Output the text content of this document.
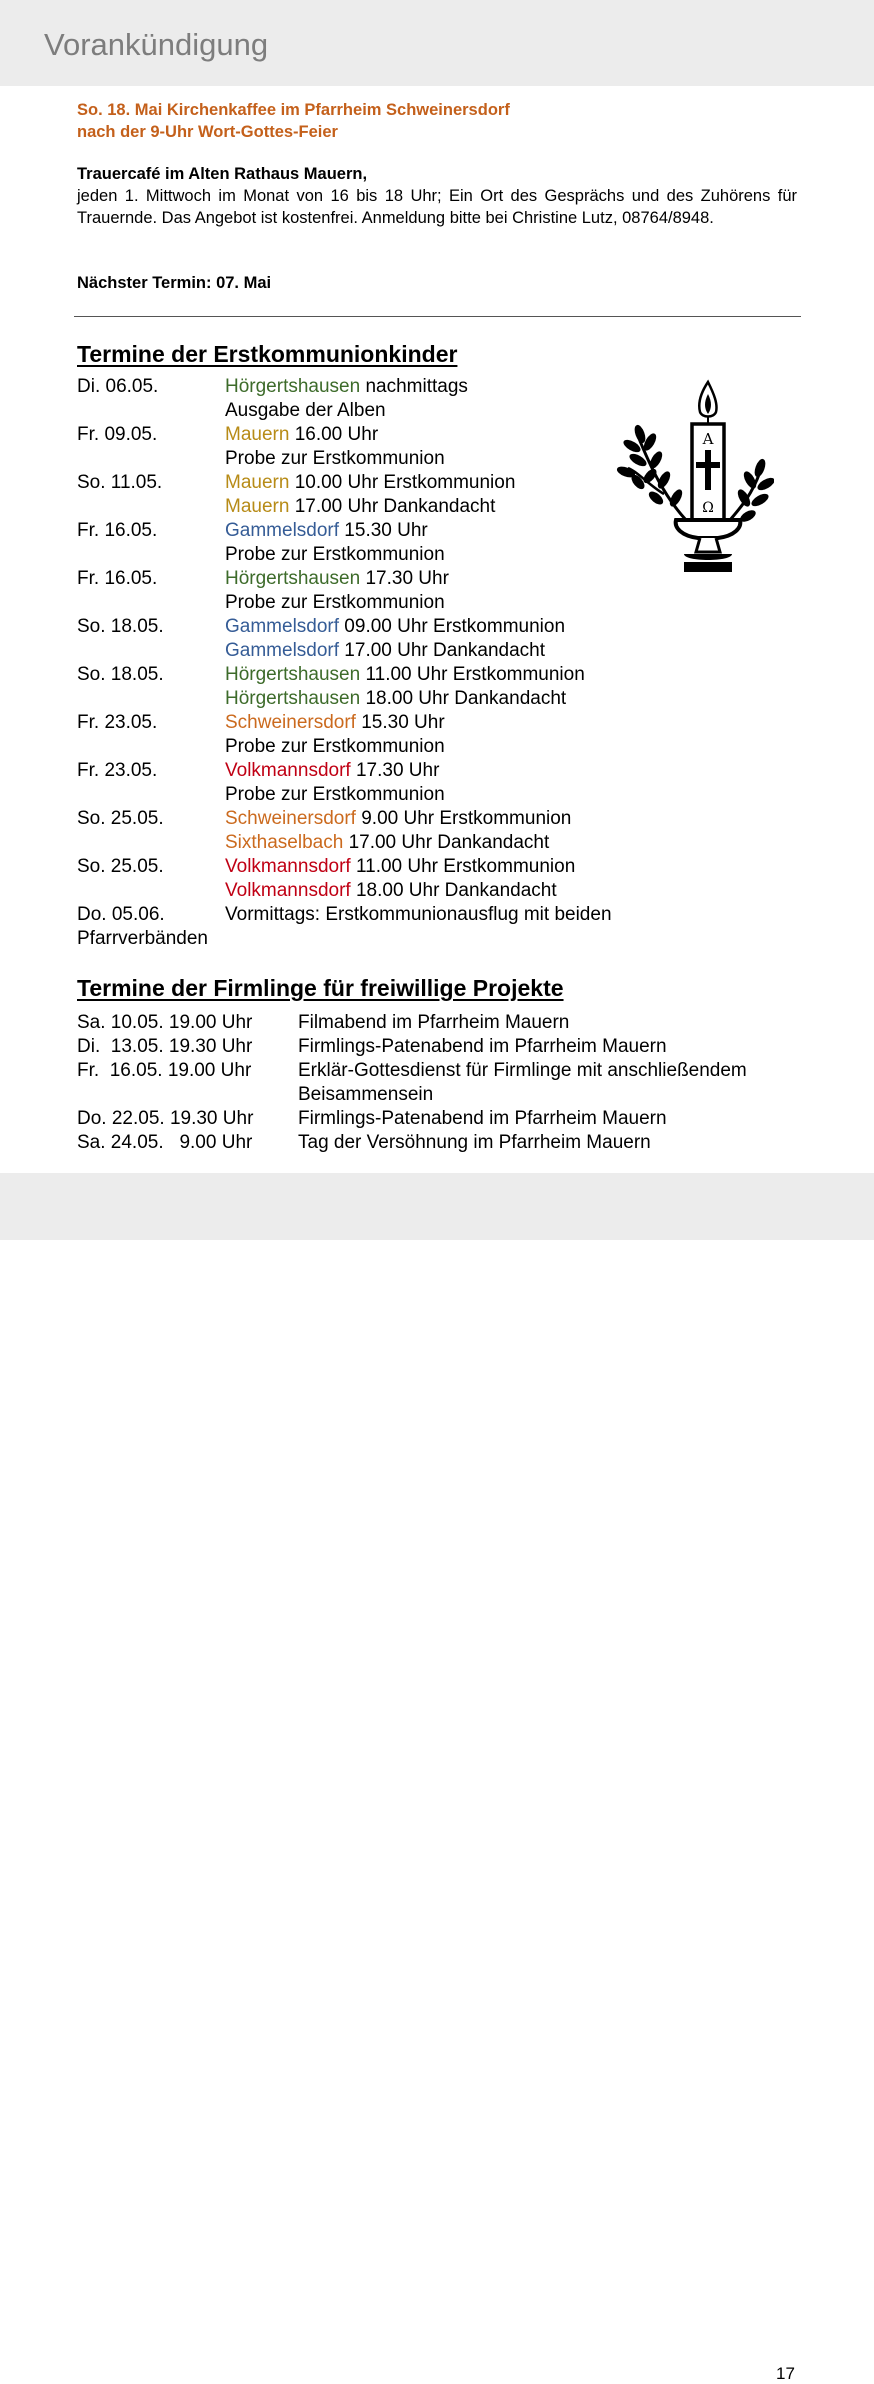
Vorankündigung
So. 18. Mai Kirchenkaffee im Pfarrheim Schweinersdorf
nach der 9-Uhr Wort-Gottes-Feier
Trauercafé im Alten Rathaus Mauern,
jeden 1. Mittwoch im Monat von 16 bis 18 Uhr; Ein Ort des Gesprächs und des Zuhörens für Trauernde. Das Angebot ist kostenfrei. Anmeldung bitte bei Christine Lutz, 08764/8948.
Nächster Termin: 07. Mai
Termine der Erstkommunionkinder
Di. 06.05.	Hörgertshausen nachmittags
Ausgabe der Alben
Fr. 09.05.	Mauern 16.00 Uhr
Probe zur Erstkommunion
So. 11.05.	Mauern 10.00 Uhr Erstkommunion
Mauern 17.00 Uhr Dankandacht
Fr. 16.05.	Gammelsdorf 15.30 Uhr
Probe zur Erstkommunion
Fr. 16.05.	Hörgertshausen 17.30 Uhr
Probe zur Erstkommunion
So. 18.05.	Gammelsdorf 09.00 Uhr Erstkommunion
Gammelsdorf 17.00 Uhr Dankandacht
So. 18.05.	Hörgertshausen 11.00 Uhr Erstkommunion
Hörgertshausen 18.00 Uhr Dankandacht
Fr. 23.05.	Schweinersdorf 15.30 Uhr
Probe zur Erstkommunion
Fr. 23.05.	Volkmannsdorf 17.30 Uhr
Probe zur Erstkommunion
So. 25.05.	Schweinersdorf 9.00 Uhr Erstkommunion
Sixthaselbach 17.00 Uhr Dankandacht
So. 25.05.	Volkmannsdorf 11.00 Uhr Erstkommunion
Volkmannsdorf 18.00 Uhr Dankandacht
Do. 05.06.	Vormittags: Erstkommunionausflug mit beiden
Pfarrverbänden
Termine der Firmlinge für freiwillige Projekte
Sa. 10.05. 19.00 Uhr Filmabend im Pfarrheim Mauern
Di.  13.05. 19.30 Uhr Firmlings-Patenabend im Pfarrheim Mauern
Fr.  16.05. 19.00 Uhr Erklär-Gottesdienst für Firmlinge mit anschließendem
Beisammensein
Do. 22.05. 19.30 Uhr Firmlings-Patenabend im Pfarrheim Mauern
Sa. 24.05.   9.00 Uhr Tag der Versöhnung im Pfarrheim Mauern
A
Ω
17
